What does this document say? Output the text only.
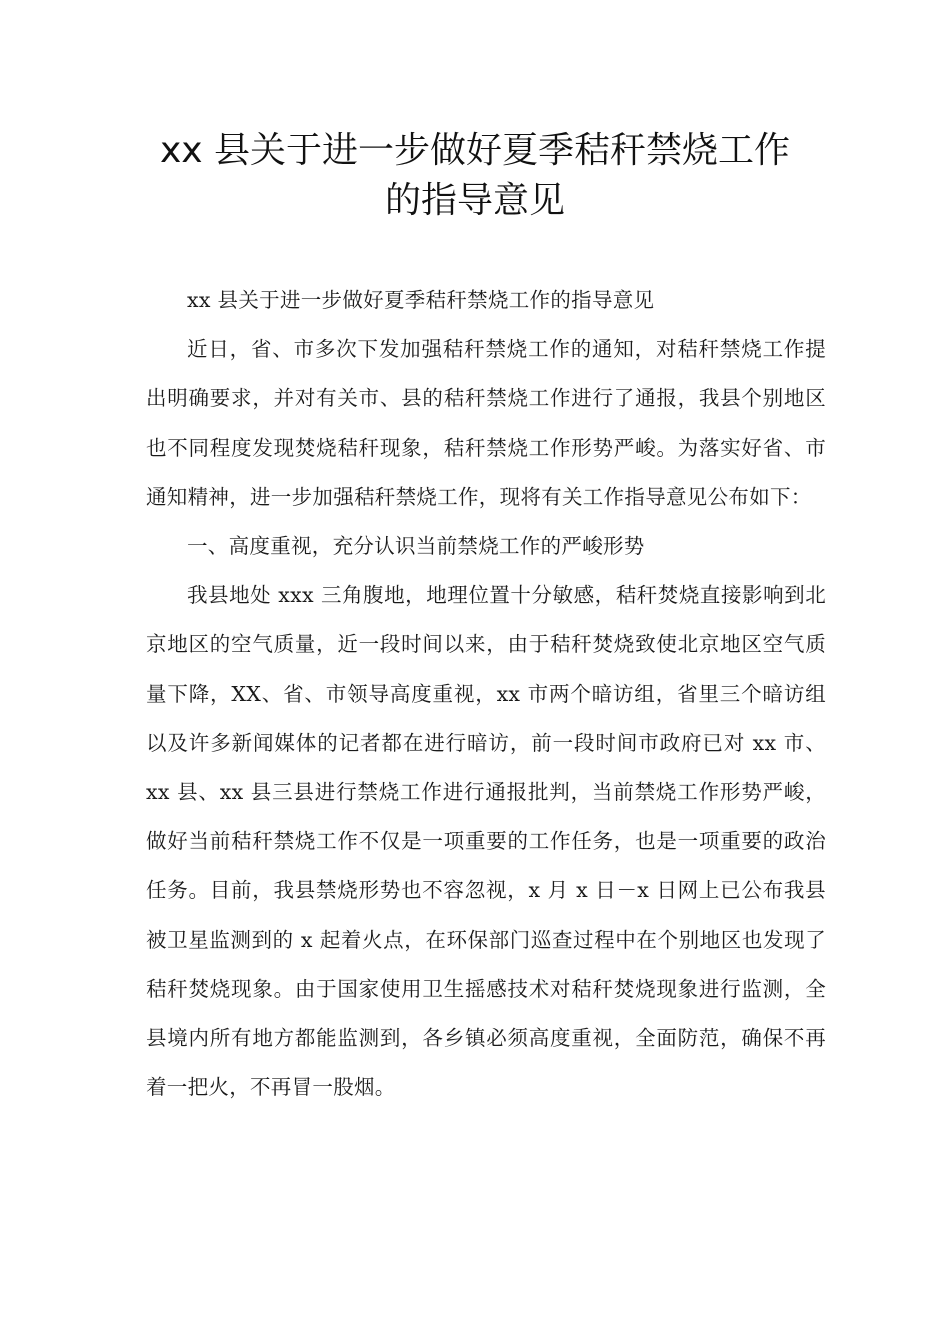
xx 县关于进一步做好夏季秸秆禁烧工作
的指导意见

xx 县关于进一步做好夏季秸秆禁烧工作的指导意见

近日，省、市多次下发加强秸秆禁烧工作的通知，对秸秆禁烧工作提出明确要求，并对有关市、县的秸秆禁烧工作进行了通报，我县个别地区也不同程度发现焚烧秸秆现象，秸秆禁烧工作形势严峻。为落实好省、市通知精神，进一步加强秸秆禁烧工作，现将有关工作指导意见公布如下：

一、高度重视，充分认识当前禁烧工作的严峻形势

我县地处 xxx 三角腹地，地理位置十分敏感，秸秆焚烧直接影响到北京地区的空气质量，近一段时间以来，由于秸秆焚烧致使北京地区空气质量下降，XX、省、市领导高度重视，xx 市两个暗访组，省里三个暗访组以及许多新闻媒体的记者都在进行暗访，前一段时间市政府已对 xx 市、xx 县、xx 县三县进行禁烧工作进行通报批判，当前禁烧工作形势严峻，做好当前秸秆禁烧工作不仅是一项重要的工作任务，也是一项重要的政治任务。目前，我县禁烧形势也不容忽视，x 月 x 日－x 日网上已公布我县被卫星监测到的 x 起着火点，在环保部门巡查过程中在个别地区也发现了秸秆焚烧现象。由于国家使用卫生摇感技术对秸秆焚烧现象进行监测，全县境内所有地方都能监测到，各乡镇必须高度重视，全面防范，确保不再着一把火，不再冒一股烟。
